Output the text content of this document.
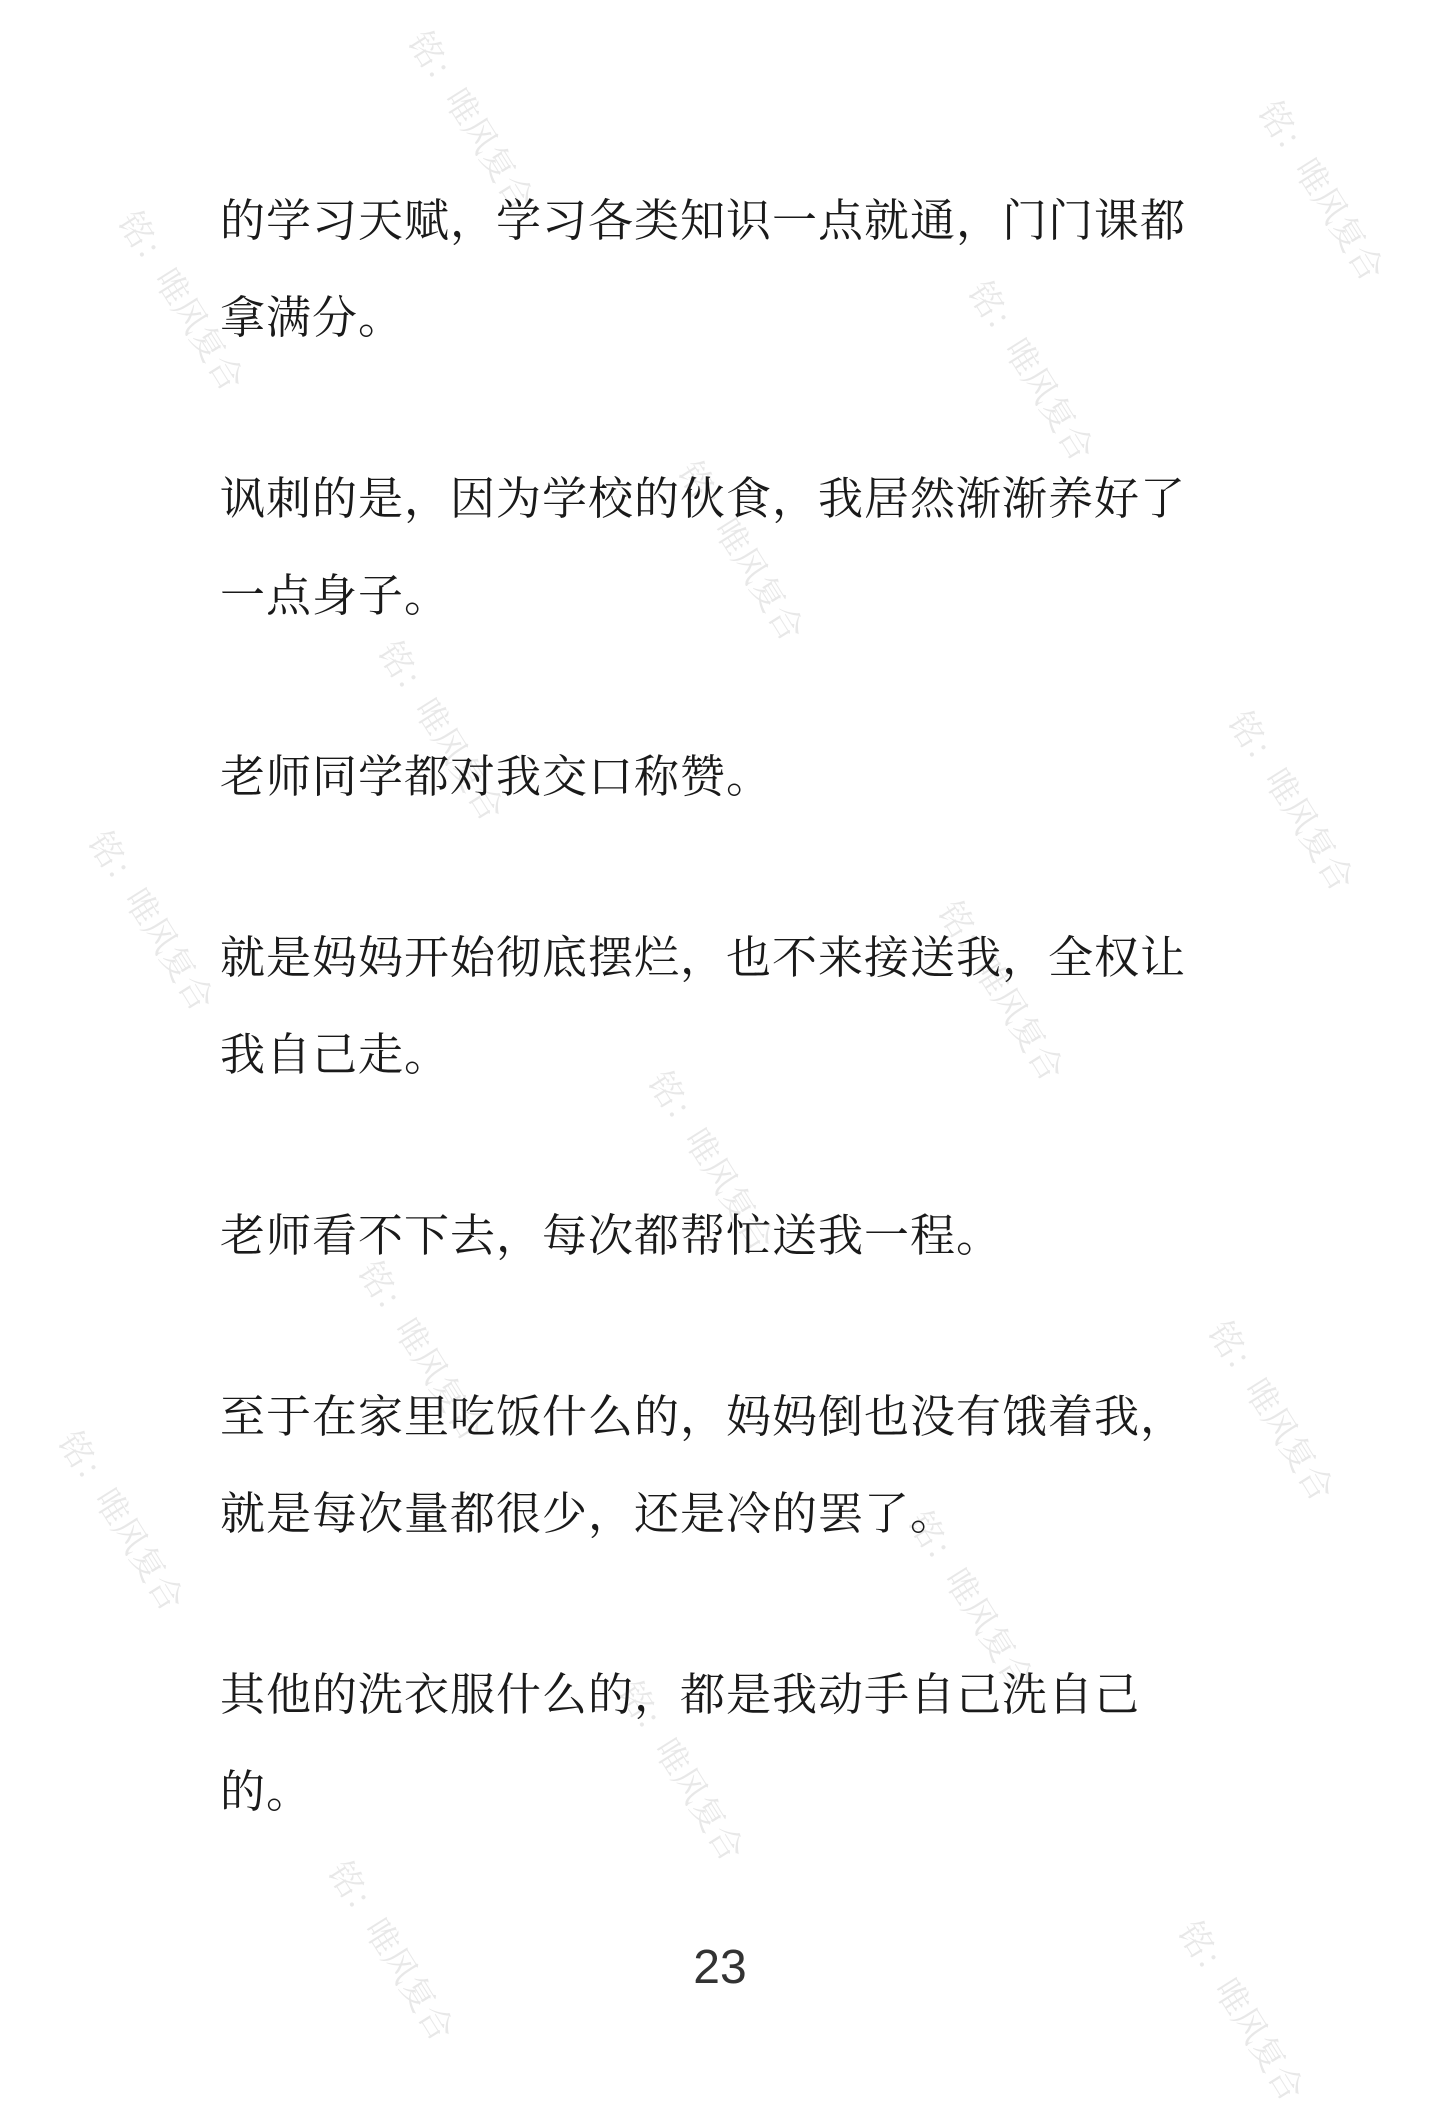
铭：唯风复合	铭：唯风复合
铭：唯风复合	铭：唯风复合
铭：唯风复合
铭：唯风复合	铭：唯风复合
铭：唯风复合	铭：唯风复合
铭：唯风复合
铭：唯风复合	铭：唯风复合
铭：唯风复合	铭：唯风复合
铭：唯风复合
铭：唯风复合	铭：唯风复合

的学习天赋，学习各类知识一点就通，门门课都拿满分。

讽刺的是，因为学校的伙食，我居然渐渐养好了一点身子。

老师同学都对我交口称赞。

就是妈妈开始彻底摆烂，也不来接送我，全权让我自己走。

老师看不下去，每次都帮忙送我一程。

至于在家里吃饭什么的，妈妈倒也没有饿着我，就是每次量都很少，还是冷的罢了。

其他的洗衣服什么的，都是我动手自己洗自己的。

23
